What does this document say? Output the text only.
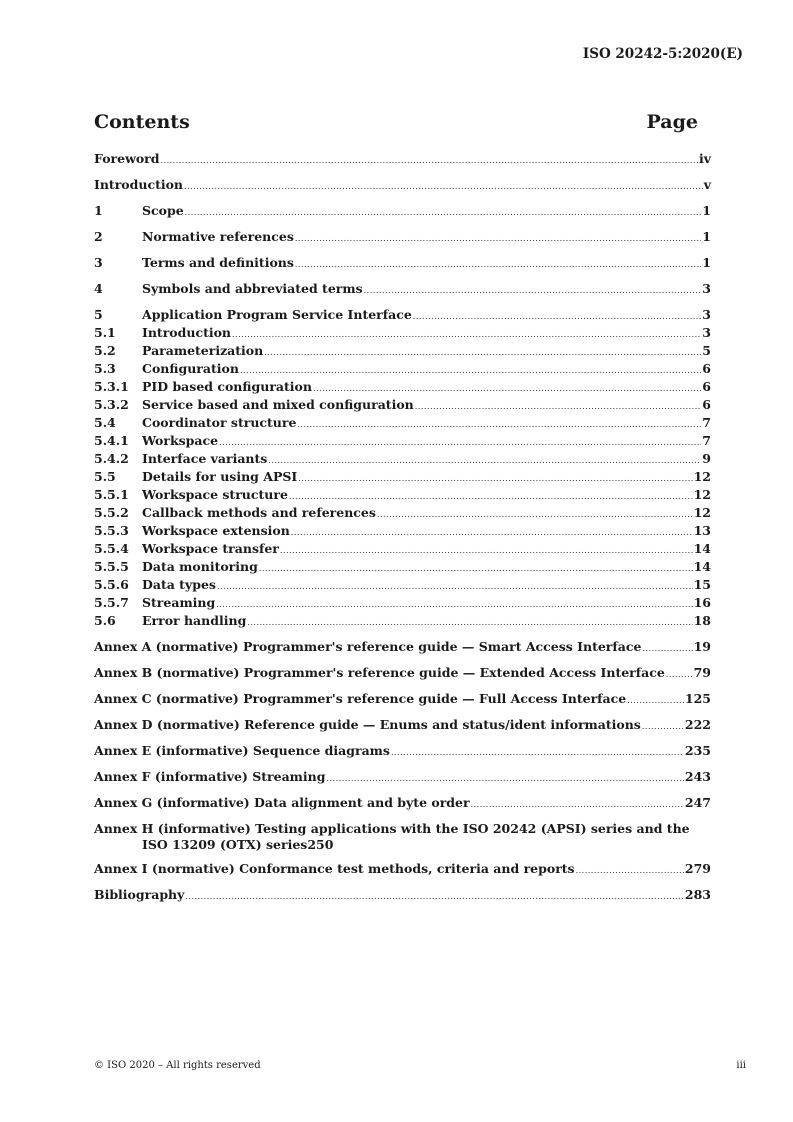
ISO 20242-5:2020(E)
Contents	Page
Foreword .....	iv
Introduction .....	v
1	Scope .....	1
2	Normative references .....	1
3	Terms and definitions .....	1
4	Symbols and abbreviated terms .....	3
5	Application Program Service Interface .....	3
5.1	Introduction .....	3
5.2	Parameterization .....	5
5.3	Configuration .....	6
5.3.1	PID based configuration .....	6
5.3.2	Service based and mixed configuration .....	6
5.4	Coordinator structure .....	7
5.4.1	Workspace .....	7
5.4.2	Interface variants .....	9
5.5	Details for using APSI .....	12
5.5.1	Workspace structure .....	12
5.5.2	Callback methods and references .....	12
5.5.3	Workspace extension .....	13
5.5.4	Workspace transfer .....	14
5.5.5	Data monitoring .....	14
5.5.6	Data types .....	15
5.5.7	Streaming .....	16
5.6	Error handling .....	18
Annex A (normative) Programmer's reference guide — Smart Access Interface .....	19
Annex B (normative) Programmer's reference guide — Extended Access Interface ..... 79
Annex C (normative) Programmer's reference guide — Full Access Interface .....	125
Annex D (normative) Reference guide — Enums and status/ident informations .....	222
Annex E (informative) Sequence diagrams .....	235
Annex F (informative) Streaming .....	243
Annex G (informative) Data alignment and byte order .....	247
Annex H (informative) Testing applications with the ISO 20242 (APSI) series and the
ISO 13209 (OTX) series 250
Annex I (normative) Conformance test methods, criteria and reports .....	279
Bibliography .....	283
© ISO 2020 – All rights reserved	iii
